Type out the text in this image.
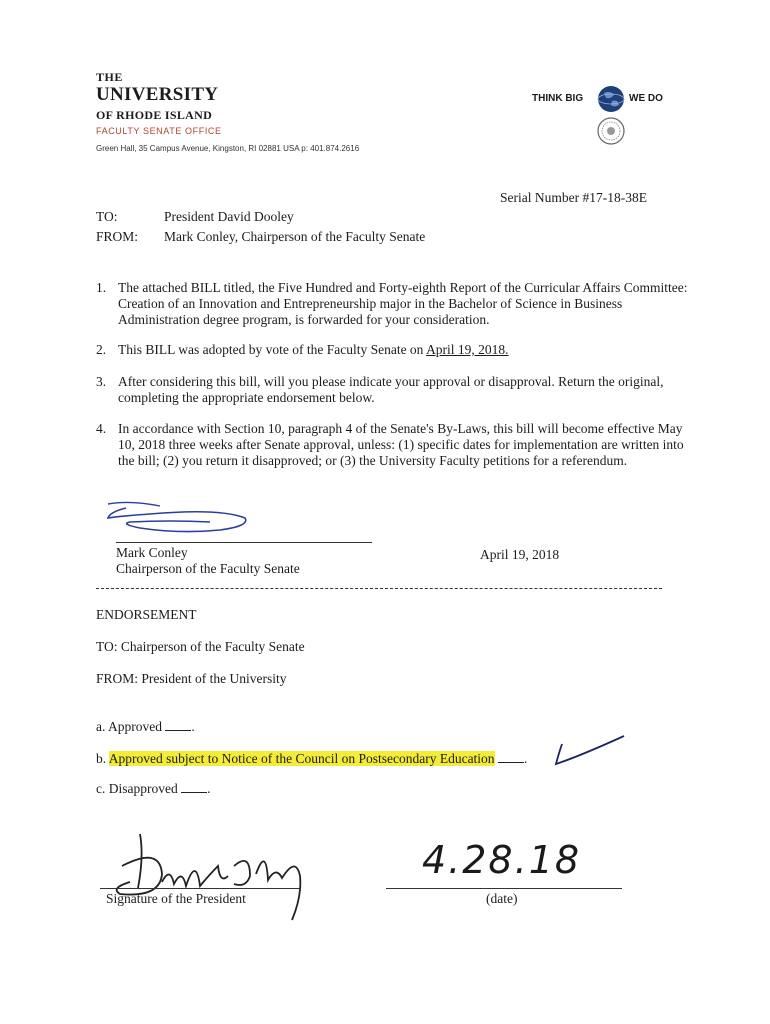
THE
UNIVERSITY
OF RHODE ISLAND
FACULTY SENATE OFFICE
Green Hall, 35 Campus Avenue, Kingston, RI 02881 USA p: 401.874.2616
THINK BIG	WE DO
Serial Number #17-18-38E
TO:	President David Dooley
FROM: Mark Conley, Chairperson of the Faculty Senate
1. The attached BILL titled, the Five Hundred and Forty-eighth Report of the Curricular Affairs Committee: Creation of an Innovation and Entrepreneurship major in the Bachelor of Science in Business Administration degree program, is forwarded for your consideration.
2. This BILL was adopted by vote of the Faculty Senate on April 19, 2018.
3. After considering this bill, will you please indicate your approval or disapproval. Return the original, completing the appropriate endorsement below.
4. In accordance with Section 10, paragraph 4 of the Senate's By-Laws, this bill will become effective May 10, 2018 three weeks after Senate approval, unless: (1) specific dates for implementation are written into the bill; (2) you return it disapproved; or (3) the University Faculty petitions for a referendum.
Mark Conley
Chairperson of the Faculty Senate
April 19, 2018
ENDORSEMENT
TO: Chairperson of the Faculty Senate
FROM: President of the University
a. Approved .
b. Approved subject to Notice of the Council on Postsecondary Education .
c. Disapproved .
Signature of the President
4.28.18
(date)
